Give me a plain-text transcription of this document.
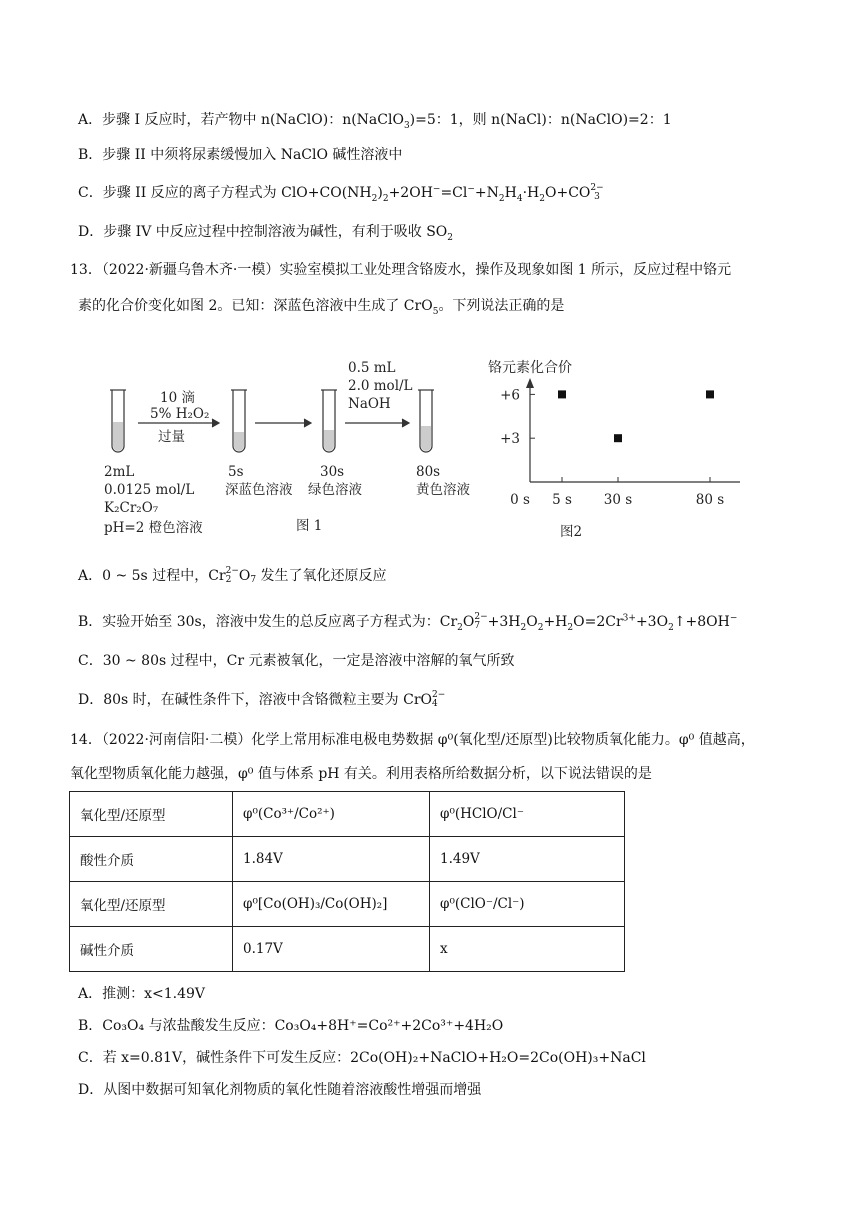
A．步骤 I 反应时，若产物中 n(NaClO)：n(NaClO$_3$)=5：1，则 n(NaCl)：n(NaClO)=2：1
B．步骤 II 中须将尿素缓慢加入 NaClO 碱性溶液中
C．步骤 II 反应的离子方程式为 $ClO+CO(NH_2)_2+2OH^-=Cl^-+N_2H_4\cdot H_2O+CO$ 2−
3
D．步骤 IV 中反应过程中控制溶液为碱性，有利于吸收 $SO_2$
13．（2022·新疆乌鲁木齐·一模）实验室模拟工业处理含铬废水，操作及现象如图 1 所示，反应过程中铬元
素的化合价变化如图 2。已知：深蓝色溶液中生成了 CrO$_5$。下列说法正确的是
10 滴
5% H₂O₂
过量
0.5 mL
2.0 mol/L
NaOH
2mL
0.0125 mol/L
K₂Cr₂O₇
pH=2 橙色溶液
5s
深蓝色溶液
30s
绿色溶液
80s
黄色溶液
图 1
铬元素化合价
图2
0 s 5 s 30 s	80 s
+3
+6
A．0 ~ 5s 过程中，Cr 2−
2 O
7 发生了氧化还原反应
B．实验开始至 30s，溶液中发生的总反应离子方程式为：$Cr_2O$ 2−
$7 +3H_2O_2+H_2O=2Cr^{3+}+3O_2↑+8OH^-$
C．30 ~ 80s 过程中，Cr 元素被氧化，一定是溶液中溶解的氧气所致
D．80s 时，在碱性条件下，溶液中含铬微粒主要为 CrO 2−
4
14．（2022·河南信阳·二模）化学上常用标准电极电势数据 φ⁰(氧化型/还原型)比较物质氧化能力。φ⁰ 值越高，
氧化型物质氧化能力越强，φ⁰ 值与体系 pH 有关。利用表格所给数据分析，以下说法错误的是
氧化型/还原型	φ⁰(Co³⁺/Co²⁺)	φ⁰(HClO/Cl⁻
酸性介质	1.84V	1.49V
氧化型/还原型	φ⁰[Co(OH)₃/Co(OH)₂]	φ⁰(ClO⁻/Cl⁻)
碱性介质	0.17V	x
A．推测：x<1.49V
B．Co₃O₄ 与浓盐酸发生反应：Co₃O₄+8H⁺=Co²⁺+2Co³⁺+4H₂O
C．若 x=0.81V，碱性条件下可发生反应：2Co(OH)₂+NaClO+H₂O=2Co(OH)₃+NaCl
D．从图中数据可知氧化剂物质的氧化性随着溶液酸性增强而增强
